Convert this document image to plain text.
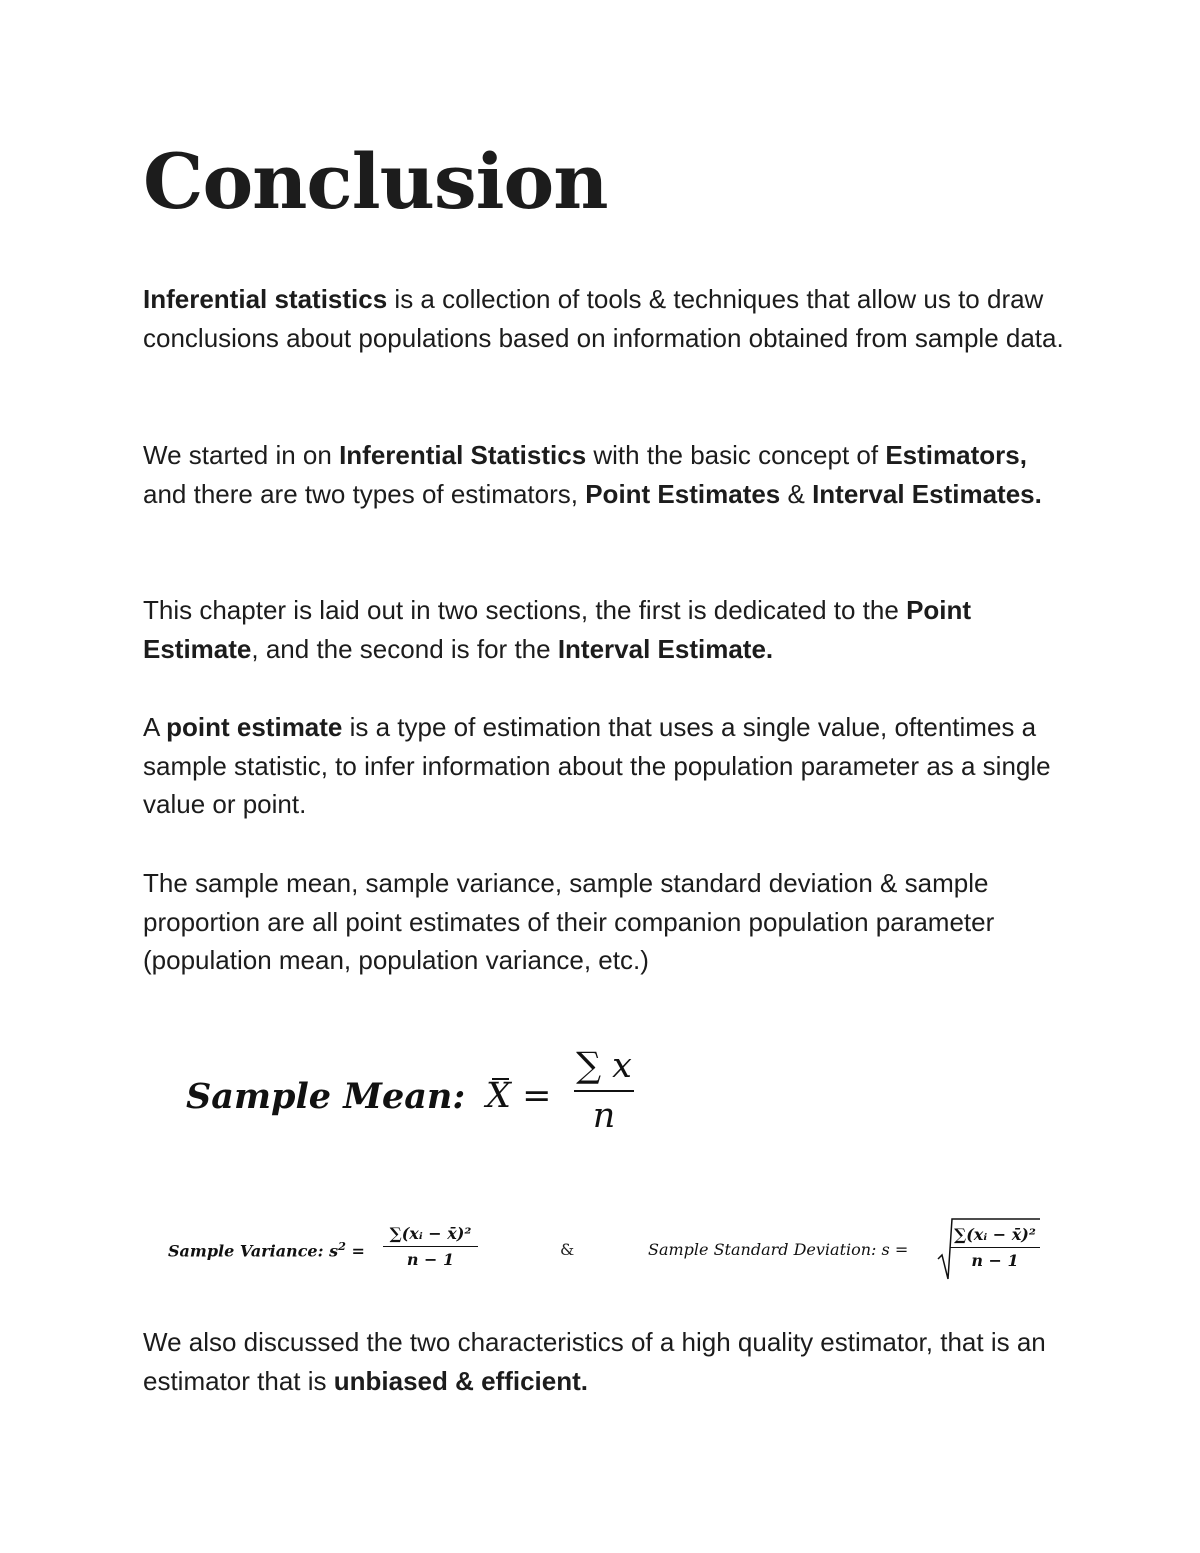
Conclusion

Inferential statistics is a collection of tools & techniques that allow us to draw conclusions about populations based on information obtained from sample data.

We started in on Inferential Statistics with the basic concept of Estimators, and there are two types of estimators, Point Estimates & Interval Estimates.

This chapter is laid out in two sections, the first is dedicated to the Point Estimate, and the second is for the Interval Estimate.

A point estimate is a type of estimation that uses a single value, oftentimes a sample statistic, to infer information about the population parameter as a single value or point.

The sample mean, sample variance, sample standard deviation & sample proportion are all point estimates of their companion population parameter (population mean, population variance, etc.)

We also discussed the two characteristics of a high quality estimator, that is an estimator that is unbiased & efficient.

Sample Mean: $X = \frac{\sum x}{n}$
Sample Variance: $s^2 = \frac{\text{∑(xᵢ − x̄)²}}{n - 1}$	&	Sample Standard Deviation: s =	$\frac{\text{∑(xᵢ − x̄)²}}{n - 1}$
